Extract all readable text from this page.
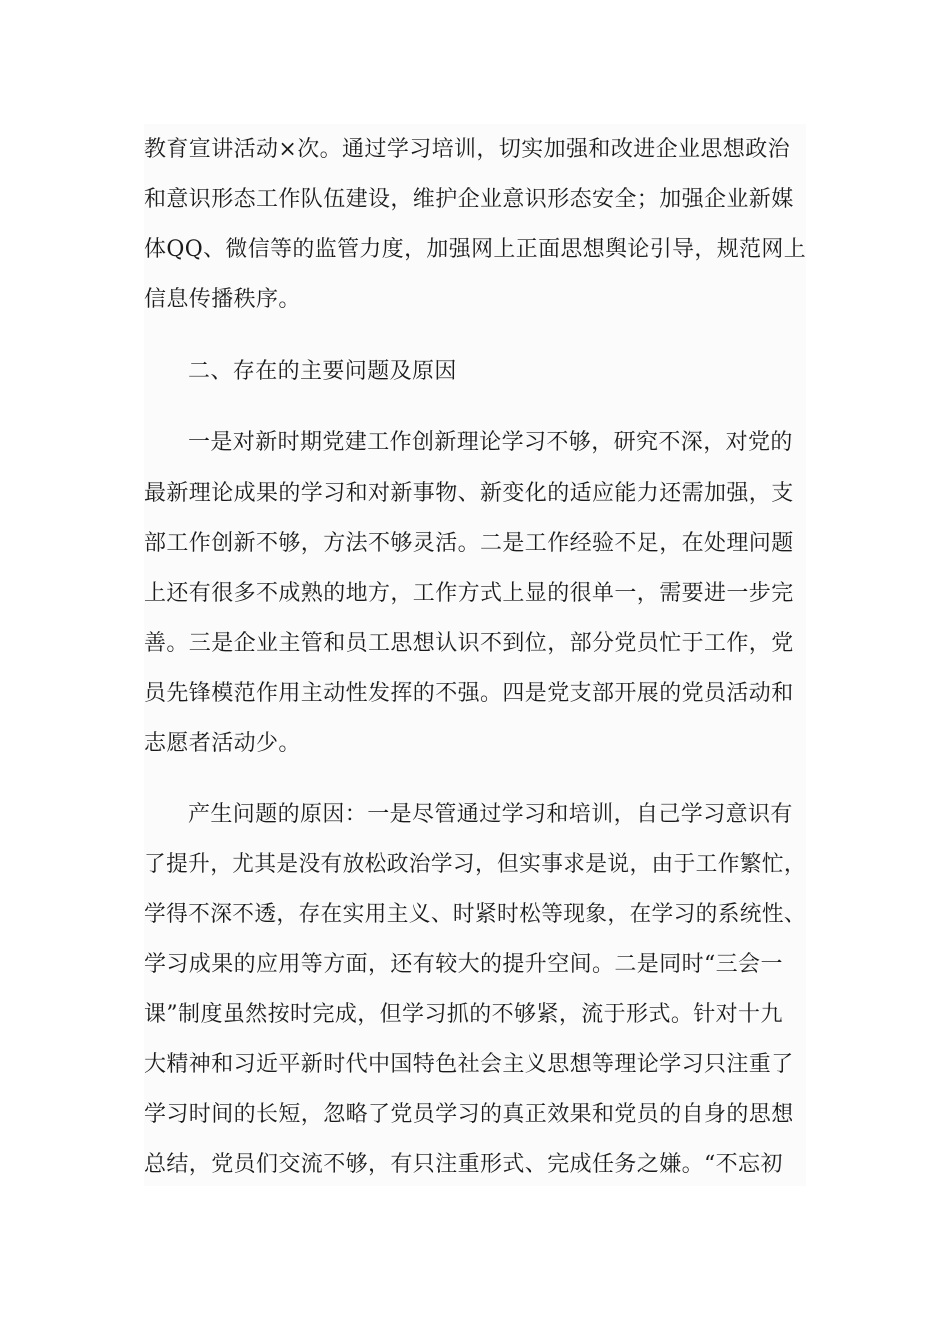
教育宣讲活动×次。通过学习培训，切实加强和改进企业思想政治
和意识形态工作队伍建设，维护企业意识形态安全；加强企业新媒
体QQ、微信等的监管力度，加强网上正面思想舆论引导，规范网上
信息传播秩序。
二、存在的主要问题及原因
一是对新时期党建工作创新理论学习不够，研究不深，对党的
最新理论成果的学习和对新事物、新变化的适应能力还需加强，支
部工作创新不够，方法不够灵活。二是工作经验不足，在处理问题
上还有很多不成熟的地方，工作方式上显的很单一，需要进一步完
善。三是企业主管和员工思想认识不到位，部分党员忙于工作，党
员先锋模范作用主动性发挥的不强。四是党支部开展的党员活动和
志愿者活动少。
产生问题的原因：一是尽管通过学习和培训，自己学习意识有
了提升，尤其是没有放松政治学习，但实事求是说，由于工作繁忙，
学得不深不透，存在实用主义、时紧时松等现象，在学习的系统性、
学习成果的应用等方面，还有较大的提升空间。二是同时“三会一
课”制度虽然按时完成，但学习抓的不够紧，流于形式。针对十九
大精神和习近平新时代中国特色社会主义思想等理论学习只注重了
学习时间的长短，忽略了党员学习的真正效果和党员的自身的思想
总结，党员们交流不够，有只注重形式、完成任务之嫌。“不忘初
